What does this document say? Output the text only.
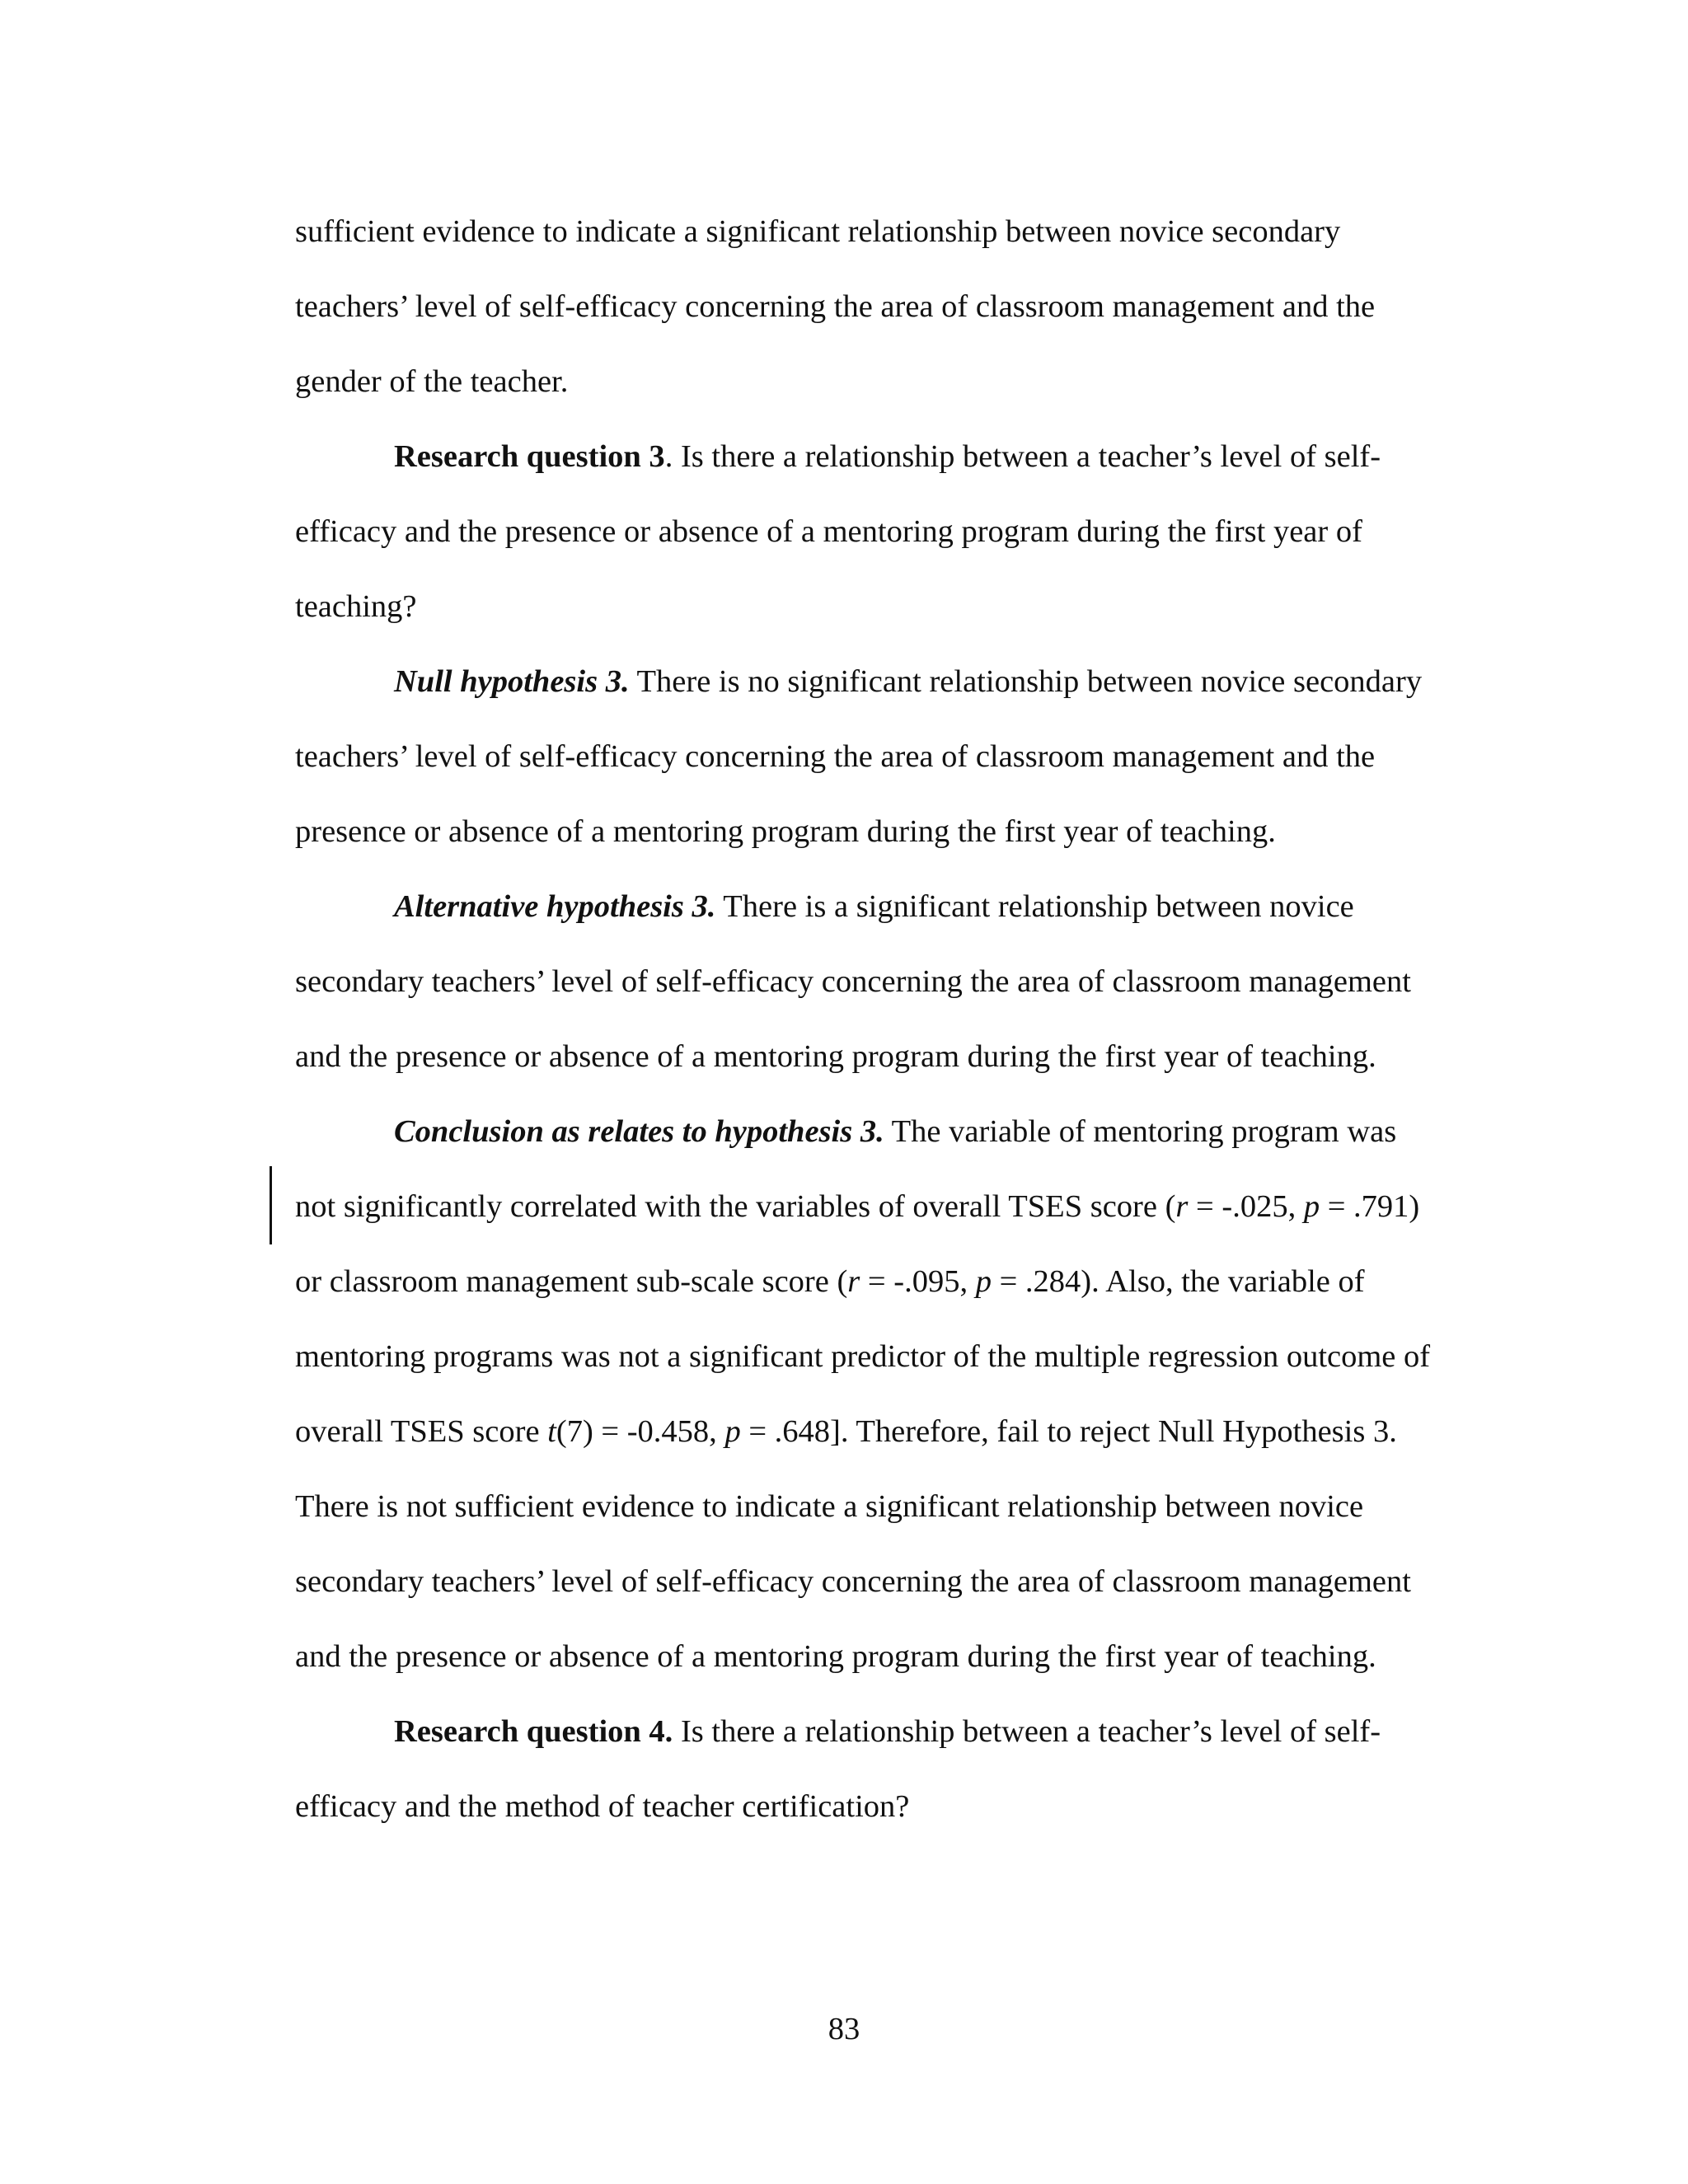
sufficient evidence to indicate a significant relationship between novice secondary

teachers’ level of self-efficacy concerning the area of classroom management and the

gender of the teacher.

Research question 3. Is there a relationship between a teacher’s level of self-

efficacy and the presence or absence of a mentoring program during the first year of

teaching?

Null hypothesis 3. There is no significant relationship between novice secondary

teachers’ level of self-efficacy concerning the area of classroom management and the

presence or absence of a mentoring program during the first year of teaching.

Alternative hypothesis 3. There is a significant relationship between novice

secondary teachers’ level of self-efficacy concerning the area of classroom management

and the presence or absence of a mentoring program during the first year of teaching.

Conclusion as relates to hypothesis 3. The variable of mentoring program was

not significantly correlated with the variables of overall TSES score (r = -.025, p = .791)

or classroom management sub-scale score (r = -.095, p = .284). Also, the variable of

mentoring programs was not a significant predictor of the multiple regression outcome of

overall TSES score t(7) = -0.458, p = .648]. Therefore, fail to reject Null Hypothesis 3.

There is not sufficient evidence to indicate a significant relationship between novice

secondary teachers’ level of self-efficacy concerning the area of classroom management

and the presence or absence of a mentoring program during the first year of teaching.

Research question 4. Is there a relationship between a teacher’s level of self-

efficacy and the method of teacher certification?

83
